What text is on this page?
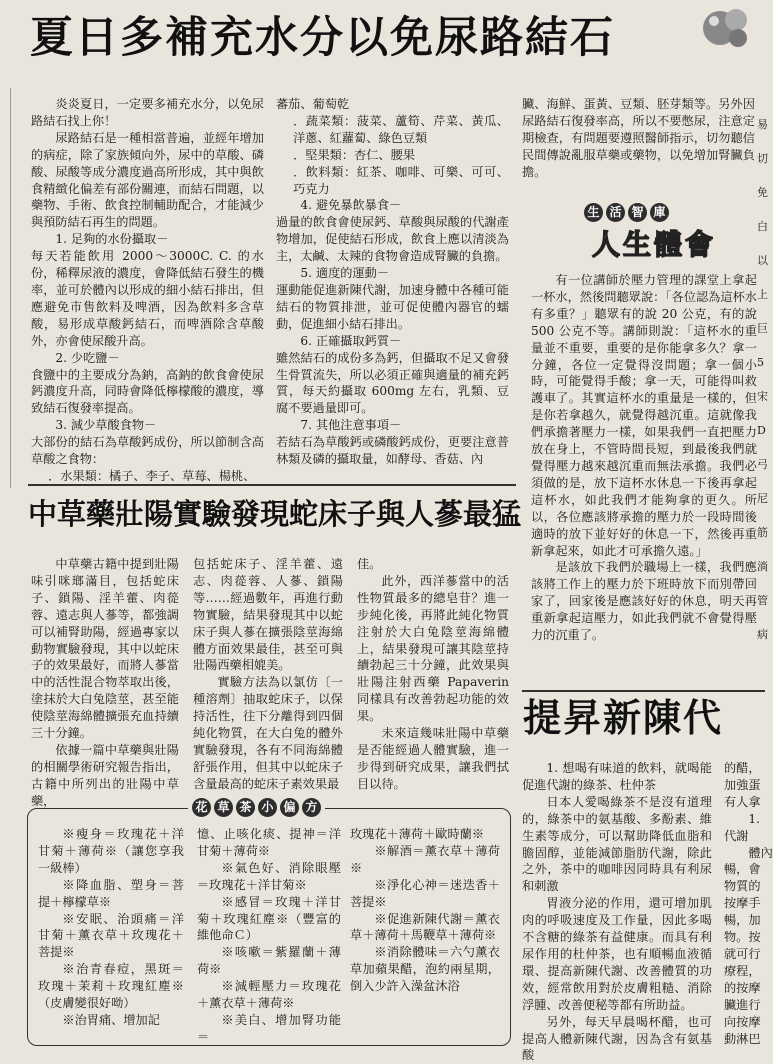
夏日多補充水分以免尿路結石

炎炎夏日，一定要多補充水分，以免尿路結石找上你！

尿路結石是一種相當普遍，並經年增加的病症，除了家族傾向外，尿中的草酸、磷酸、尿酸等成分濃度過高所形成，其中與飲食精緻化偏差有部份關連，而結石問題，以藥物、手術、飲食控制輔助配合，才能減少與預防結石再生的問題。

1. 足夠的水份攝取－

每天若能飲用 2000～3000C. C. 的水份，稀釋尿液的濃度，會降低結石發生的機率，並可於體內以形成的細小結石排出，但應避免市售飲料及啤酒，因為飲料多含草酸，易形成草酸鈣結石，而啤酒除含草酸外，亦會使尿酸升高。

2. 少吃鹽－

食鹽中的主要成分為鈉，高鈉的飲食會使尿鈣濃度升高，同時會降低檸檬酸的濃度，導致結石復發率提高。

3. 減少草酸食物－

大部份的結石為草酸鈣成份，所以節制含高草酸之食物：

．水果類：橘子、李子、草莓、楊桃、

蕃茄、葡萄乾

．蔬菜類：菠菜、蘆筍、芹菜、黃瓜、洋蔥、紅蘿蔔、綠色豆類

．堅果類：杏仁、腰果

．飲料類：紅茶、咖啡、可樂、可可、巧克力

4. 避免暴飲暴食－

過量的飲食會使尿鈣、草酸與尿酸的代謝產物增加，促使結石形成，飲食上應以清淡為主，太鹹、太辣的食物會造成腎臟的負擔。

5. 適度的運動－

運動能促進新陳代謝，加速身體中各種可能結石的物質排泄，並可促使體內器官的蠕動，促進細小結石排出。

6. 正確攝取鈣質－

雖然結石的成份多為鈣，但攝取不足又會發生骨質流失，所以必須正確與適量的補充鈣質，每天約攝取 600mg 左右，乳類、豆腐不要過量即可。

7. 其他注意事項－

若結石為草酸鈣或磷酸鈣成份，更要注意普林類及磷的攝取量，如酵母、香菇、內

臟、海鮮、蛋黃、豆類、胚芽類等。另外因尿路結石復發率高，所以不要憋尿，注意定期檢查，有問題要遵照醫師指示，切勿聽信民間傳說亂服草藥或藥物，以免增加腎臟負擔。

生 活 智 庫
人生體會

有一位講師於壓力管理的課堂上拿起一杯水，然後問聽眾說：「各位認為這杯水有多重？」聽眾有的說 20 公克，有的說 500 公克不等。講師則說：「這杯水的重量並不重要，重要的是你能拿多久？拿一分鐘，各位一定覺得沒問題；拿一個小時，可能覺得手酸；拿一天，可能得叫救護車了。其實這杯水的重量是一樣的，但是你若拿越久，就覺得越沉重。這就像我們承擔著壓力一樣，如果我們一直把壓力放在身上，不管時間長短，到最後我們就覺得壓力越來越沉重而無法承擔。我們必須做的是，放下這杯水休息一下後再拿起這杯水，如此我們才能夠拿的更久。所以，各位應該將承擔的壓力於一段時間後適時的放下並好好的休息一下，然後再重新拿起來，如此才可承擔久遠。」

是該放下我們於職場上一樣，我們應該將工作上的壓力於下班時放下而別帶回家了，回家後是應該好好的休息，明天再重新拿起這壓力，如此我們就不會覺得壓力的沉重了。

中草藥壯陽實驗發現蛇床子與人蔘最猛

中草藥古籍中提到壯陽味引咪瑯滿目，包括蛇床子、鎖陽、淫羊藿、肉蓯蓉、遠志與人蔘等，都強調可以補腎助陽，經過專家以動物實驗發現，其中以蛇床子的效果最好，而將人蔘當中的活性混合物萃取出後，塗抹於大白兔陰莖，甚至能使陰莖海綿體擴張充血持續三十分鐘。

依據一篇中草藥與壯陽的相關學術研究報告指出，古籍中所列出的壯陽中草藥，

包括蛇床子、淫羊藿、遠志、肉蓯蓉、人蔘、鎖陽等……經過數年，再進行動物實驗，結果發現其中以蛇床子與人蔘在擴張陰莖海綿體方面效果最佳，甚至可與壯陽西藥相媲美。

實驗方法為以氯仿〔一種溶劑〕抽取蛇床子，以保持活性，往下分離得到四個純化物質，在大白兔的體外實驗發現，各有不同海綿體舒張作用，但其中以蛇床子含量最高的蛇床子素效果最

佳。

此外，西洋蔘當中的活性物質最多的總皂苷？進一步純化後，再將此純化物質注射於大白兔陰莖海綿體上，結果發現可讓其陰莖持續勃起三十分鐘，此效果與壯陽注射西藥 Papaverin 同樣具有改善勃起功能的效果。

未來這幾味壯陽中草藥是否能經過人體實驗，進一步得到研究成果，讓我們拭目以待。

花 草 茶 小 偏 方

※瘦身＝玫瑰花＋洋甘菊＋薄荷※（讓您享我一級棒）

※降血脂、塑身＝菩提＋檸檬草※

※安眠、治頭痛＝洋甘菊＋薰衣草＋玫瑰花＋菩提※

※治青春痘，黑斑＝玫瑰＋茉莉＋玫瑰紅塵※（皮膚變很好呦）

※治胃痛、增加記

憶、止咳化痰、提神＝洋甘菊＋薄荷※

※氣色好、消除眼壓＝玫瑰花＋洋甘菊※

※感冒＝玫瑰＋洋甘菊＋玫瑰紅塵※（豐富的維他命Ｃ）

※咳嗽＝紫羅蘭＋薄荷※

※減輕壓力＝玫瑰花＋薰衣草＋薄荷※

※美白、增加腎功能＝

玫瑰花＋薄荷＋歐時蘭※

※解酒＝薰衣草＋薄荷※

※淨化心神＝迷迭香＋菩提※

※促進新陳代謝＝薰衣草＋薄荷＋馬鞭草＋薄荷※

※消除體味＝六勺薰衣草加蘋果醋，泡約兩星期，倒入少許入澡盆沐浴

提昇新陳代

1. 想喝有味道的飲料，就喝能促進代謝的綠茶、杜仲茶

日本人愛喝綠茶不是沒有道理的，綠茶中的氨基酸、多酚素、維生素等成分，可以幫助降低血脂和膽固醇，並能減節脂肪代謝，除此之外，茶中的咖啡因同時具有利尿和刺激

胃液分泌的作用，還可增加肌肉的呼吸速度及工作量，因此多喝不含糖的綠茶有益健康。而具有利尿作用的杜仲茶，也有順暢血液循環、提高新陳代謝、改善體質的功效，經常飲用對於皮膚粗糙、消除浮腫、改善便秘等都有所助益。

另外，每天早晨喝杯醋，也可提高人體新陳代謝，因為含有氨基酸

的醋，

加強蛋

有人拿

1.

代謝

體內

暢，會

物質的

按摩手

暢，加

物。按

就可行

療程，

的按摩

臟進行

向按摩

動淋巴

易

切

免

白

以

上

巨

5

宋

D

弓

尼

筋

淌

管

病
